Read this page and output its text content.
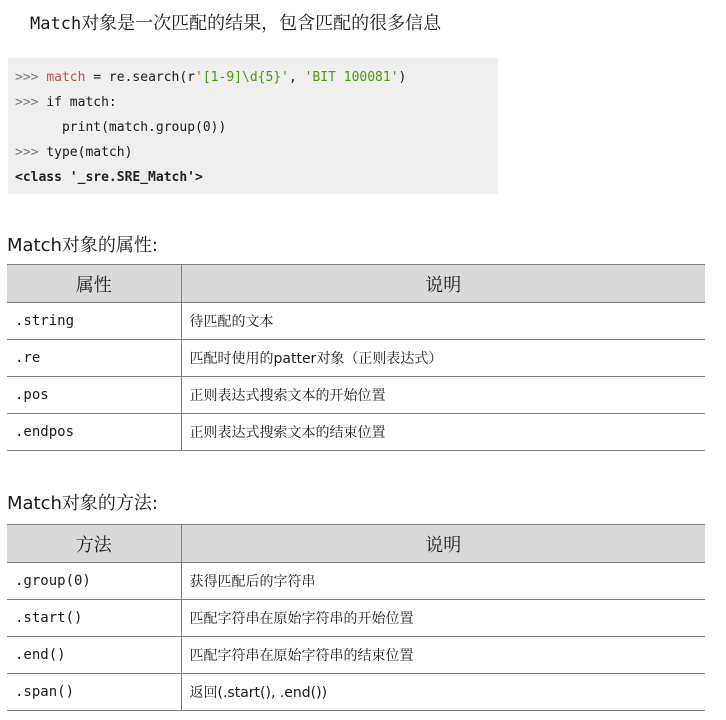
Match对象是一次匹配的结果，包含匹配的很多信息
>>> match = re.search(r'[1-9]\d{5}', 'BIT 100081')
>>> if match:
print(match.group(0))
>>> type(match)
<class '_sre.SRE_Match'>
Match对象的属性:
属性	说明
.string	待匹配的文本
.re	匹配时使用的patter对象（正则表达式）
.pos	正则表达式搜索文本的开始位置
.endpos	正则表达式搜索文本的结束位置
Match对象的方法:
方法	说明
.group(0)	获得匹配后的字符串
.start()	匹配字符串在原始字符串的开始位置
.end()	匹配字符串在原始字符串的结束位置
.span()	返回(.start(), .end())
